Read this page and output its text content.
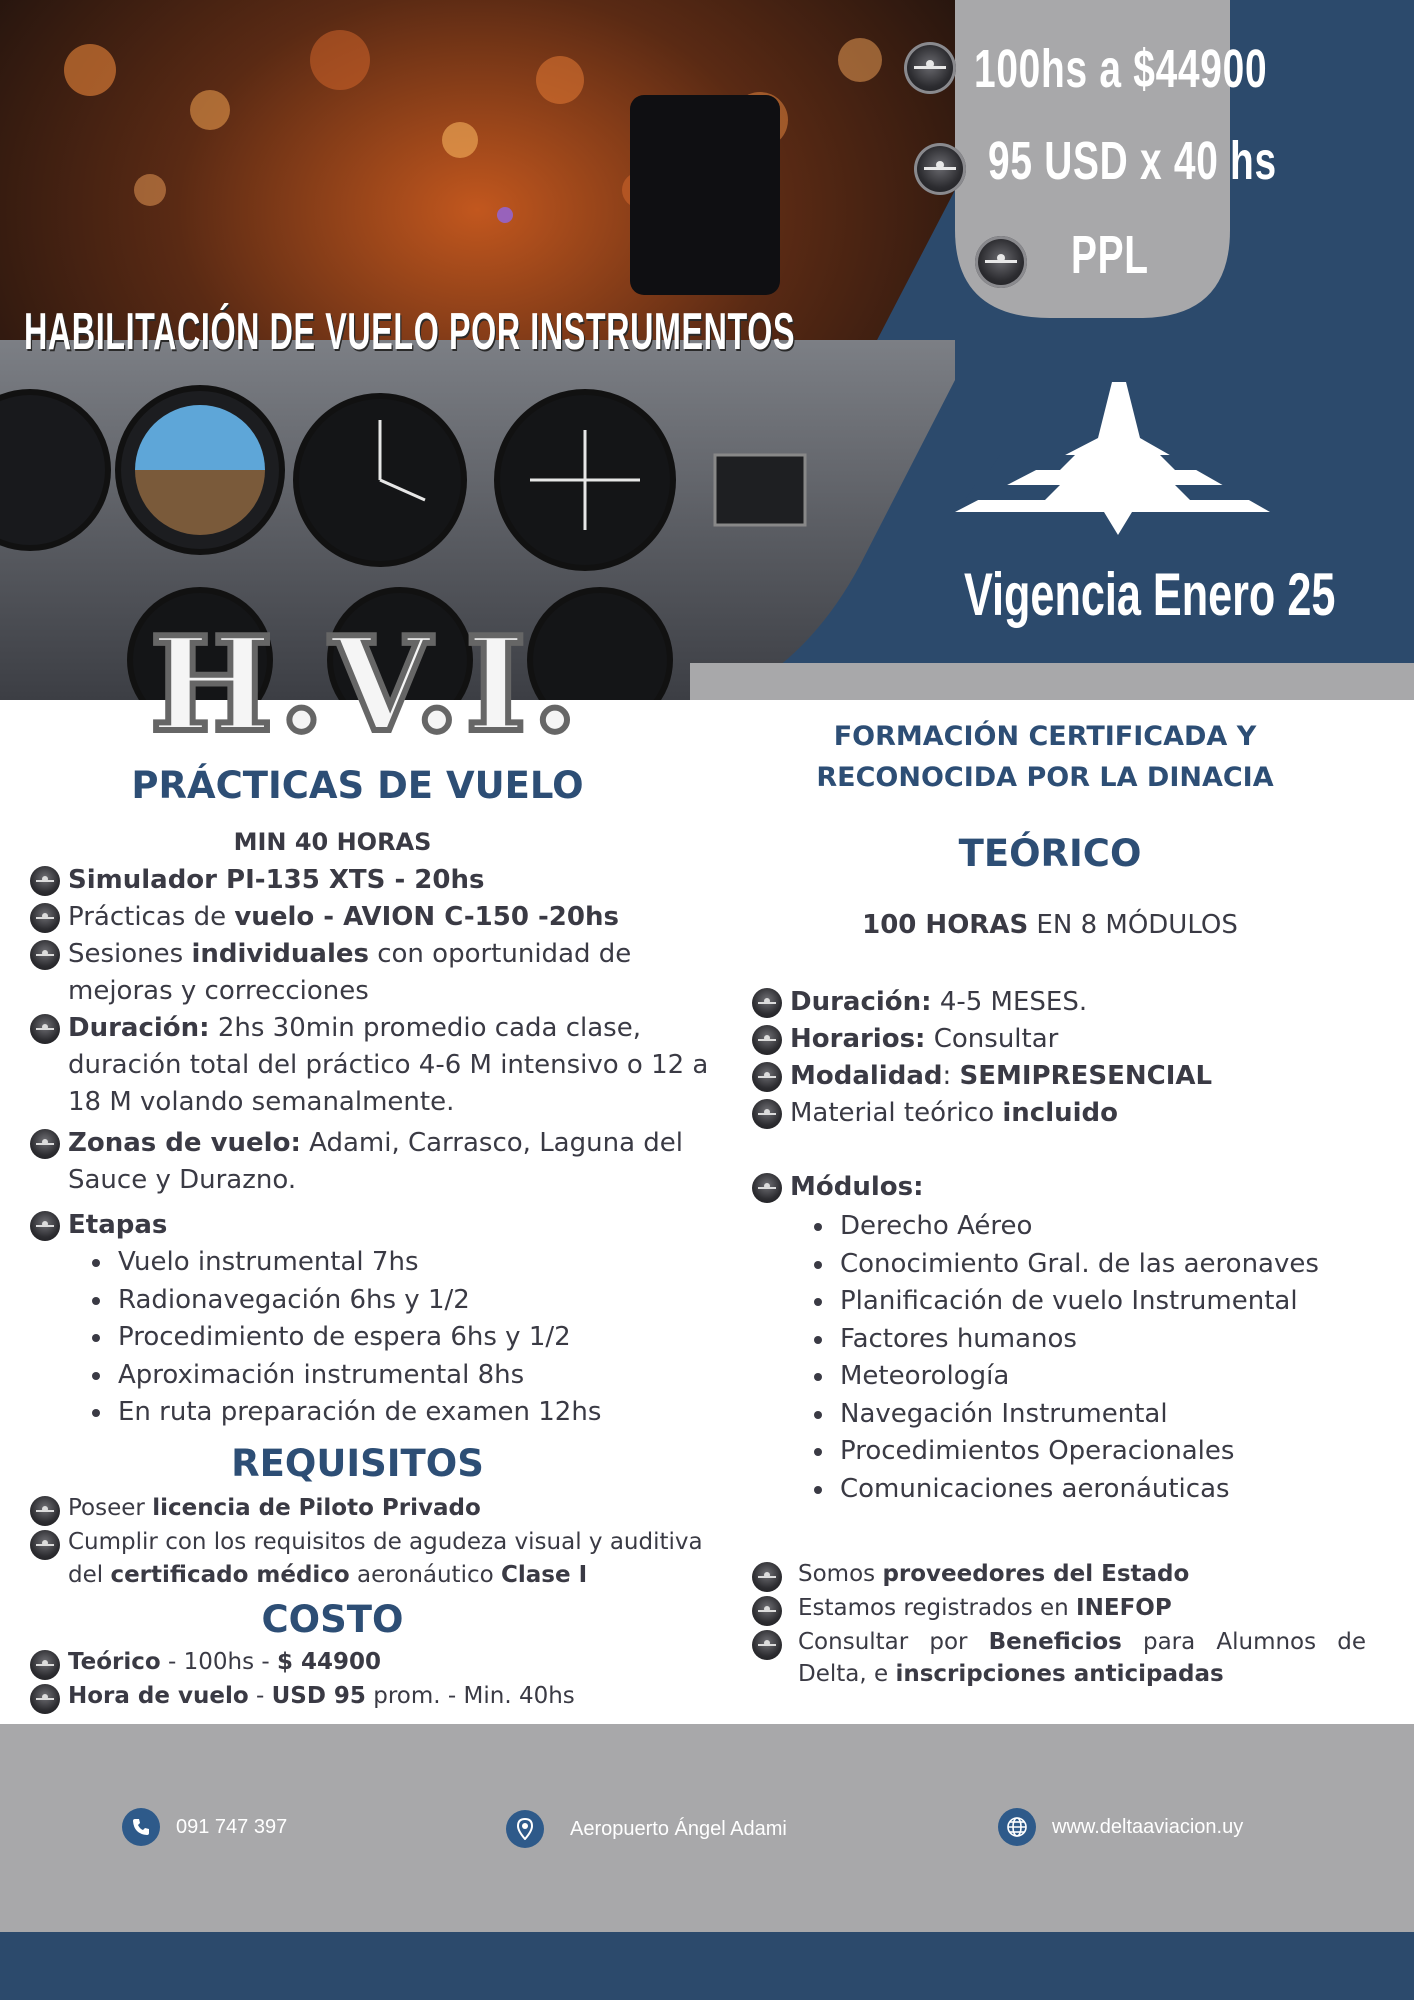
100hs a $44900
95 USD x 40 hs
PPL
HABILITACIÓN DE VUELO POR INSTRUMENTOS
Vigencia Enero 25
H.V.I.
PRÁCTICAS DE VUELO
MIN 40 HORAS
Simulador PI-135 XTS - 20hs
Prácticas de vuelo - AVION C-150 -20hs
Sesiones individuales con oportunidad de mejoras y correcciones
Duración: 2hs 30min promedio cada clase, duración total del práctico 4-6 M intensivo o 12 a 18 M volando semanalmente.
Zonas de vuelo: Adami, Carrasco, Laguna del Sauce y Durazno.
Etapas
• Vuelo instrumental 7hs
• Radionavegación 6hs y 1/2
• Procedimiento de espera 6hs y 1/2
• Aproximación instrumental 8hs
• En ruta preparación de examen 12hs
REQUISITOS
Poseer licencia de Piloto Privado
Cumplir con los requisitos de agudeza visual y auditiva del certificado médico aeronáutico Clase I
COSTO
Teórico - 100hs - $ 44900
Hora de vuelo - USD 95 prom. - Min. 40hs
FORMACIÓN CERTIFICADA Y RECONOCIDA POR LA DINACIA
TEÓRICO
100 HORAS EN 8 MÓDULOS
Duración: 4-5 MESES.
Horarios: Consultar
Modalidad: SEMIPRESENCIAL
Material teórico incluido
Módulos:
• Derecho Aéreo
• Conocimiento Gral. de las aeronaves
• Planificación de vuelo Instrumental
• Factores humanos
• Meteorología
• Navegación Instrumental
• Procedimientos Operacionales
• Comunicaciones aeronáuticas
Somos proveedores del Estado
Estamos registrados en INEFOP
Consultar por Beneficios para Alumnos de Delta, e inscripciones anticipadas
091 747 397	Aeropuerto Ángel Adami	www.deltaaviacion.uy
